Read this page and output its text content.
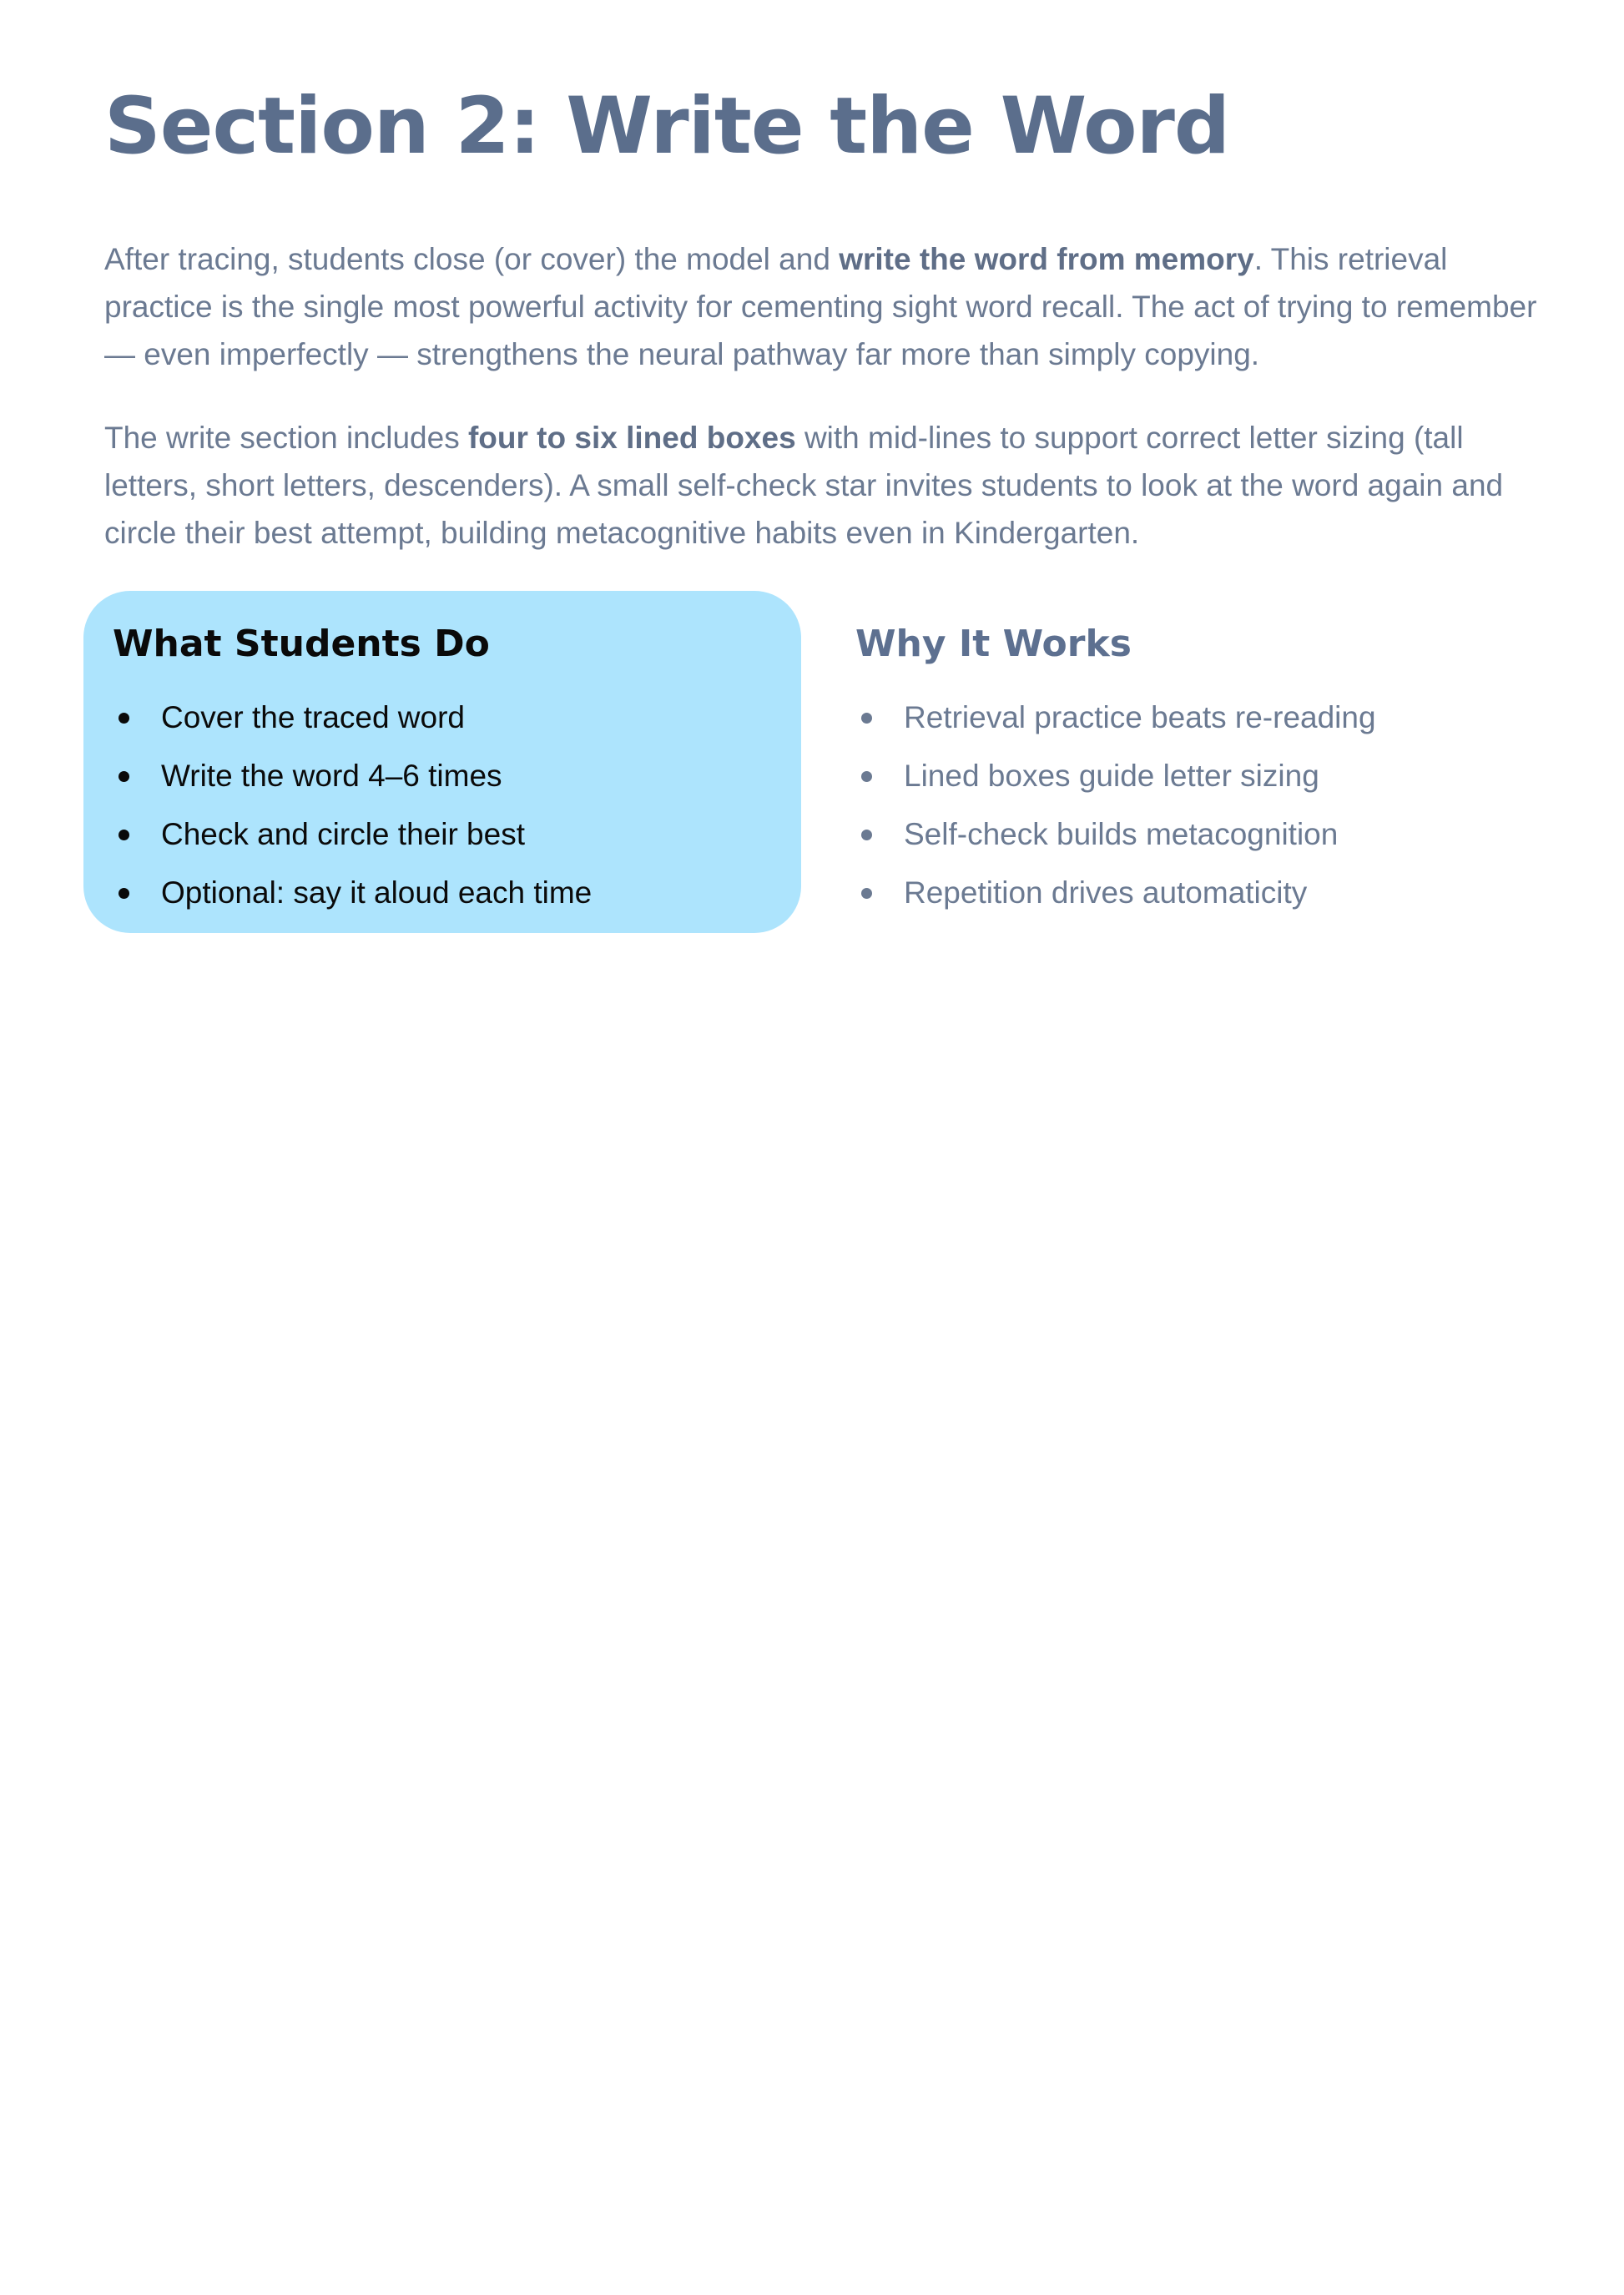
Section 2: Write the Word

After tracing, students close (or cover) the model and write the word from memory. This retrieval practice is the single most powerful activity for cementing sight word recall. The act of trying to remember — even imperfectly — strengthens the neural pathway far more than simply copying.

The write section includes four to six lined boxes with mid-lines to support correct letter sizing (tall letters, short letters, descenders). A small self-check star invites students to look at the word again and circle their best attempt, building metacognitive habits even in Kindergarten.

What Students Do
Cover the traced word
Write the word 4–6 times
Check and circle their best
Optional: say it aloud each time
Why It Works
Retrieval practice beats re-reading
Lined boxes guide letter sizing
Self-check builds metacognition
Repetition drives automaticity
